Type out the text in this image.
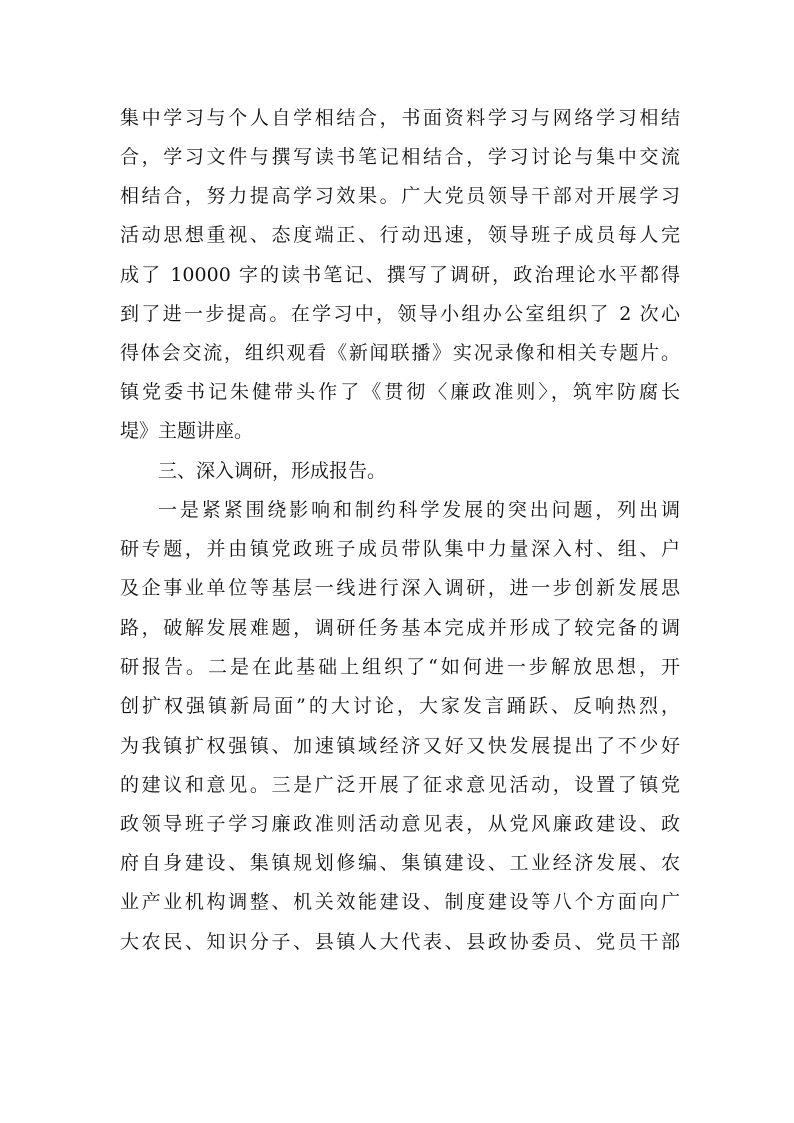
集中学习与个人自学相结合，书面资料学习与网络学习相结
合，学习文件与撰写读书笔记相结合，学习讨论与集中交流
相结合，努力提高学习效果。广大党员领导干部对开展学习
活动思想重视、态度端正、行动迅速，领导班子成员每人完
成了 10000 字的读书笔记、撰写了调研，政治理论水平都得
到了进一步提高。在学习中，领导小组办公室组织了 2 次心
得体会交流，组织观看《新闻联播》实况录像和相关专题片。
镇党委书记朱健带头作了《贯彻〈廉政准则〉，筑牢防腐长
堤》主题讲座。
三、深入调研，形成报告。
一是紧紧围绕影响和制约科学发展的突出问题，列出调
研专题，并由镇党政班子成员带队集中力量深入村、组、户
及企事业单位等基层一线进行深入调研，进一步创新发展思
路，破解发展难题，调研任务基本完成并形成了较完备的调
研报告。二是在此基础上组织了“如何进一步解放思想，开
创扩权强镇新局面”的大讨论，大家发言踊跃、反响热烈，
为我镇扩权强镇、加速镇域经济又好又快发展提出了不少好
的建议和意见。三是广泛开展了征求意见活动，设置了镇党
政领导班子学习廉政准则活动意见表，从党风廉政建设、政
府自身建设、集镇规划修编、集镇建设、工业经济发展、农
业产业机构调整、机关效能建设、制度建设等八个方面向广
大农民、知识分子、县镇人大代表、县政协委员、党员干部
